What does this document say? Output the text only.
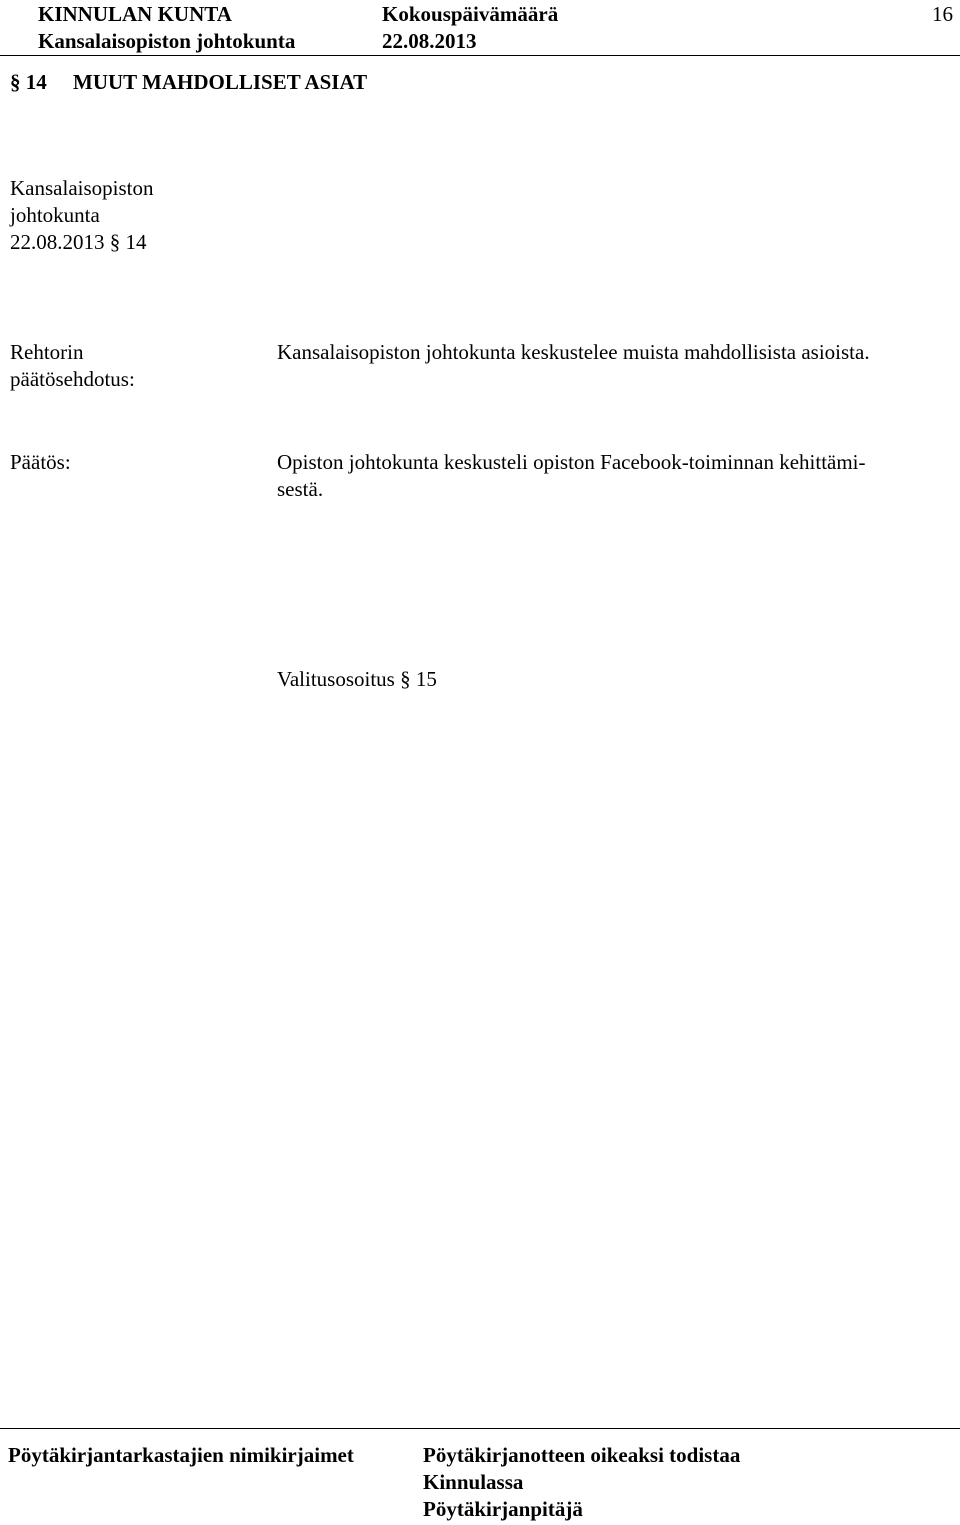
KINNULAN KUNTA	Kokouspäivämäärä	16
Kansalaisopiston johtokunta	22.08.2013
§ 14     MUUT MAHDOLLISET ASIAT
Kansalaisopiston
johtokunta
22.08.2013 § 14
Rehtorin
päätösehdotus:
Kansalaisopiston johtokunta keskustelee muista mahdollisista asioista.
Päätös:	Opiston johtokunta keskusteli opiston Facebook-toiminnan kehittämi-
sestä.
Valitusosoitus § 15
Pöytäkirjantarkastajien nimikirjaimet	Pöytäkirjanotteen oikeaksi todistaa
Kinnulassa
Pöytäkirjanpitäjä
